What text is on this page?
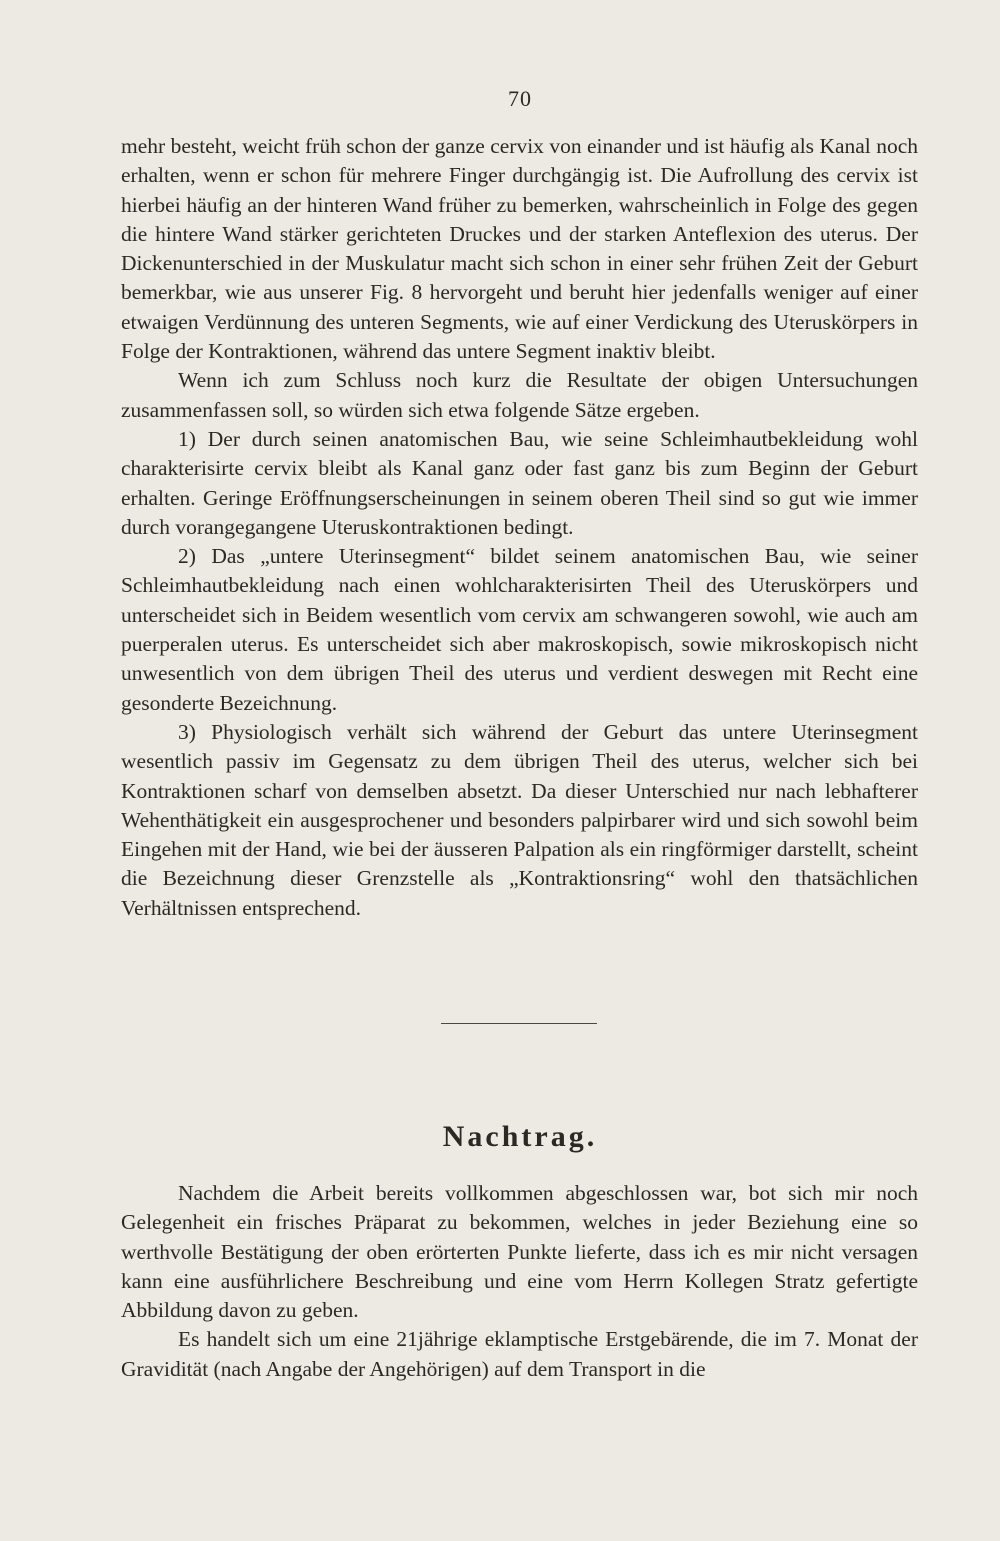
70

mehr besteht, weicht früh schon der ganze cervix von einander und ist häufig als Kanal noch erhalten, wenn er schon für mehrere Finger durchgängig ist. Die Aufrollung des cervix ist hierbei häufig an der hinteren Wand früher zu bemerken, wahrscheinlich in Folge des gegen die hintere Wand stärker gerichteten Druckes und der starken Anteflexion des uterus. Der Dickenunterschied in der Muskulatur macht sich schon in einer sehr frühen Zeit der Geburt bemerkbar, wie aus unserer Fig. 8 hervorgeht und beruht hier jedenfalls weniger auf einer etwaigen Verdünnung des unteren Segments, wie auf einer Verdickung des Uteruskörpers in Folge der Kontraktionen, während das untere Segment inaktiv bleibt.

Wenn ich zum Schluss noch kurz die Resultate der obigen Untersuchungen zusammenfassen soll, so würden sich etwa folgende Sätze ergeben.

1) Der durch seinen anatomischen Bau, wie seine Schleimhautbekleidung wohl charakterisirte cervix bleibt als Kanal ganz oder fast ganz bis zum Beginn der Geburt erhalten. Geringe Eröffnungserscheinungen in seinem oberen Theil sind so gut wie immer durch vorangegangene Uteruskontraktionen bedingt.

2) Das „untere Uterinsegment“ bildet seinem anatomischen Bau, wie seiner Schleimhautbekleidung nach einen wohlcharakterisirten Theil des Uteruskörpers und unterscheidet sich in Beidem wesentlich vom cervix am schwangeren sowohl, wie auch am puerperalen uterus. Es unterscheidet sich aber makroskopisch, sowie mikroskopisch nicht unwesentlich von dem übrigen Theil des uterus und verdient deswegen mit Recht eine gesonderte Bezeichnung.

3) Physiologisch verhält sich während der Geburt das untere Uterinsegment wesentlich passiv im Gegensatz zu dem übrigen Theil des uterus, welcher sich bei Kontraktionen scharf von demselben absetzt. Da dieser Unterschied nur nach lebhafterer Wehenthätigkeit ein ausgesprochener und besonders palpirbarer wird und sich sowohl beim Eingehen mit der Hand, wie bei der äusseren Palpation als ein ringförmiger darstellt, scheint die Bezeichnung dieser Grenzstelle als „Kontraktionsring“ wohl den thatsächlichen Verhältnissen entsprechend.

Nachtrag.

Nachdem die Arbeit bereits vollkommen abgeschlossen war, bot sich mir noch Gelegenheit ein frisches Präparat zu bekommen, welches in jeder Beziehung eine so werthvolle Bestätigung der oben erörterten Punkte lieferte, dass ich es mir nicht versagen kann eine ausführlichere Beschreibung und eine vom Herrn Kollegen Stratz gefertigte Abbildung davon zu geben.

Es handelt sich um eine 21jährige eklamptische Erstgebärende, die im 7. Monat der Gravidität (nach Angabe der Angehörigen) auf dem Transport in die
